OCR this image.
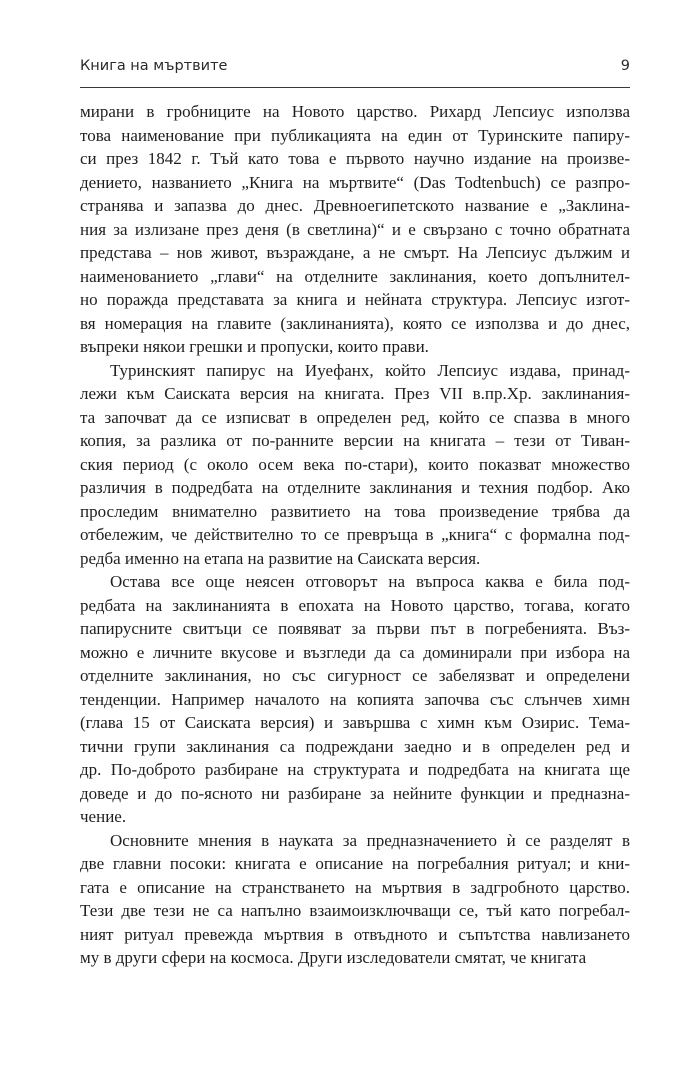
Книга на мъртвите	9
мирани в гробниците на Новото царство. Рихард Лепсиус използва
това наименование при публикацията на един от Туринските папиру-
си през 1842 г. Тъй като това е първото научно издание на произве-
дението, названието „Книга на мъртвите“ (Das Todtenbuch) се разпро-
странява и запазва до днес. Древноегипетското название е „Заклина-
ния за излизане през деня (в светлина)“ и е свързано с точно обратната
представа – нов живот, възраждане, а не смърт. На Лепсиус дължим и
наименованието „глави“ на отделните заклинания, което допълнител-
но поражда представата за книга и нейната структура. Лепсиус изгот-
вя номерация на главите (заклинанията), която се използва и до днес,
въпреки някои грешки и пропуски, които прави.
Туринският папирус на Иуефанх, който Лепсиус издава, принад-
лежи към Саиската версия на книгата. През VII в.пр.Хр. заклинания-
та започват да се изписват в определен ред, който се спазва в много
копия, за разлика от по-ранните версии на книгата – тези от Тиван-
ския период (с около осем века по-стари), които показват множество
различия в подредбата на отделните заклинания и техния подбор. Ако
проследим внимателно развитието на това произведение трябва да
отбележим, че действително то се превръща в „книга“ с формална под-
редба именно на етапа на развитие на Саиската версия.
Остава все още неясен отговорът на въпроса каква е била под-
редбата на заклинанията в епохата на Новото царство, тогава, когато
папирусните свитъци се появяват за първи път в погребенията. Въз-
можно е личните вкусове и възгледи да са доминирали при избора на
отделните заклинания, но със сигурност се забелязват и определени
тенденции. Например началото на копията започва със слънчев химн
(глава 15 от Саиската версия) и завършва с химн към Озирис. Тема-
тични групи заклинания са подреждани заедно и в определен ред и
др. По-доброто разбиране на структурата и подредбата на книгата ще
доведе и до по-ясното ни разбиране за нейните функции и предназна-
чение.
Основните мнения в науката за предназначението ѝ се разделят в
две главни посоки: книгата е описание на погребалния ритуал; и кни-
гата е описание на странстването на мъртвия в задгробното царство.
Тези две тези не са напълно взаимоизключващи се, тъй като погребал-
ният ритуал превежда мъртвия в отвъдното и съпътства навлизането
му в други сфери на космоса. Други изследователи смятат, че книгата
